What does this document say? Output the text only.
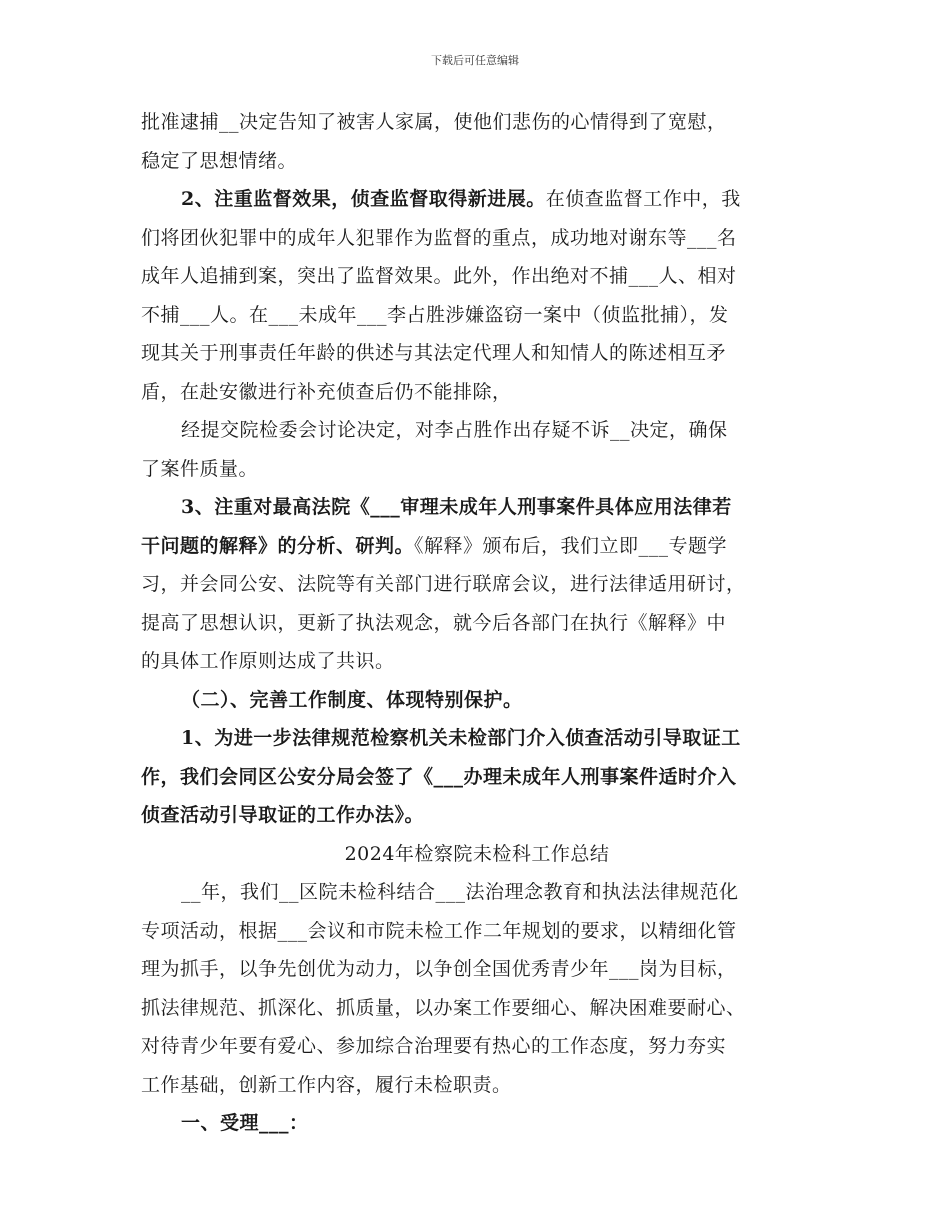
下载后可任意编辑

批准逮捕__决定告知了被害人家属，使他们悲伤的心情得到了宽慰，

稳定了思想情绪。

2、注重监督效果，侦查监督取得新进展。在侦查监督工作中，我

们将团伙犯罪中的成年人犯罪作为监督的重点，成功地对谢东等___名

成年人追捕到案，突出了监督效果。此外，作出绝对不捕___人、相对

不捕___人。在___未成年___李占胜涉嫌盗窃一案中（侦监批捕），发

现其关于刑事责任年龄的供述与其法定代理人和知情人的陈述相互矛

盾，在赴安徽进行补充侦查后仍不能排除，

经提交院检委会讨论决定，对李占胜作出存疑不诉__决定，确保

了案件质量。

3、注重对最高法院《___审理未成年人刑事案件具体应用法律若

干问题的解释》的分析、研判。《解释》颁布后，我们立即___专题学

习，并会同公安、法院等有关部门进行联席会议，进行法律适用研讨，

提高了思想认识，更新了执法观念，就今后各部门在执行《解释》中

的具体工作原则达成了共识。

（二）、完善工作制度、体现特别保护。

1、为进一步法律规范检察机关未检部门介入侦查活动引导取证工

作，我们会同区公安分局会签了《___办理未成年人刑事案件适时介入

侦查活动引导取证的工作办法》。

2024年检察院未检科工作总结

__年，我们__区院未检科结合___法治理念教育和执法法律规范化

专项活动，根据___会议和市院未检工作二年规划的要求，以精细化管

理为抓手，以争先创优为动力，以争创全国优秀青少年___岗为目标，

抓法律规范、抓深化、抓质量，以办案工作要细心、解决困难要耐心、

对待青少年要有爱心、参加综合治理要有热心的工作态度，努力夯实

工作基础，创新工作内容，履行未检职责。

一、受理___：
